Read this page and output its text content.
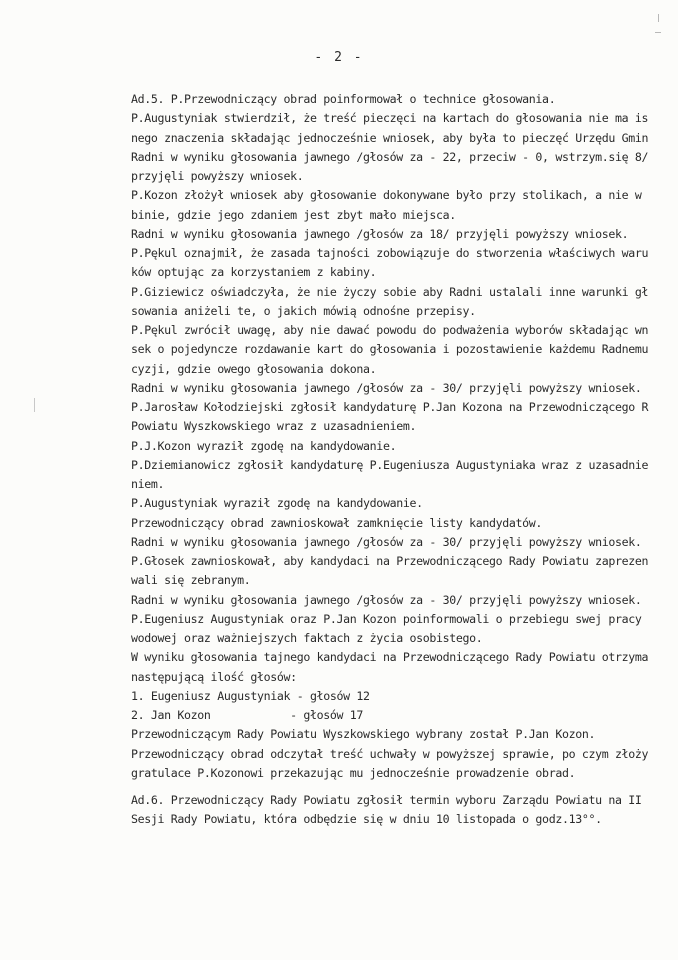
- 2 -
Ad.5. P.Przewodniczący obrad poinformował o technice głosowania.
P.Augustyniak stwierdził, że treść pieczęci na kartach do głosowania nie ma is
nego znaczenia składając jednocześnie wniosek, aby była to pieczęć Urzędu Gmin
Radni w wyniku głosowania jawnego /głosów za - 22, przeciw - 0, wstrzym.się 8/
przyjęli powyższy wniosek.
P.Kozon złożył wniosek aby głosowanie dokonywane było przy stolikach, a nie w
binie, gdzie jego zdaniem jest zbyt mało miejsca.
Radni w wyniku głosowania jawnego /głosów za 18/ przyjęli powyższy wniosek.
P.Pękul oznajmił, że zasada tajności zobowiązuje do stworzenia właściwych waru
ków optując za korzystaniem z kabiny.
P.Giziewicz oświadczyła, że nie życzy sobie aby Radni ustalali inne warunki gł
sowania aniżeli te, o jakich mówią odnośne przepisy.
P.Pękul zwrócił uwagę, aby nie dawać powodu do podważenia wyborów składając wn
sek o pojedyncze rozdawanie kart do głosowania i pozostawienie każdemu Radnemu
cyzji, gdzie owego głosowania dokona.
Radni w wyniku głosowania jawnego /głosów za - 30/ przyjęli powyższy wniosek.
P.Jarosław Kołodziejski zgłosił kandydaturę P.Jan Kozona na Przewodniczącego R
Powiatu Wyszkowskiego wraz z uzasadnieniem.
P.J.Kozon wyraził zgodę na kandydowanie.
P.Dziemianowicz zgłosił kandydaturę P.Eugeniusza Augustyniaka wraz z uzasadnie
niem.
P.Augustyniak wyraził zgodę na kandydowanie.
Przewodniczący obrad zawnioskował zamknięcie listy kandydatów.
Radni w wyniku głosowania jawnego /głosów za - 30/ przyjęli powyższy wniosek.
P.Głosek zawnioskował, aby kandydaci na Przewodniczącego Rady Powiatu zaprezen
wali się zebranym.
Radni w wyniku głosowania jawnego /głosów za - 30/ przyjęli powyższy wniosek.
P.Eugeniusz Augustyniak oraz P.Jan Kozon poinformowali o przebiegu swej pracy
wodowej oraz ważniejszych faktach z życia osobistego.
W wyniku głosowania tajnego kandydaci na Przewodniczącego Rady Powiatu otrzyma
następującą ilość głosów:
1. Eugeniusz Augustyniak - głosów 12
2. Jan Kozon            - głosów 17
Przewodniczącym Rady Powiatu Wyszkowskiego wybrany został P.Jan Kozon.
Przewodniczący obrad odczytał treść uchwały w powyższej sprawie, po czym złoży
gratulace P.Kozonowi przekazując mu jednocześnie prowadzenie obrad.
Ad.6. Przewodniczący Rady Powiatu zgłosił termin wyboru Zarządu Powiatu na II
Sesji Rady Powiatu, która odbędzie się w dniu 10 listopada o godz.13°°.
